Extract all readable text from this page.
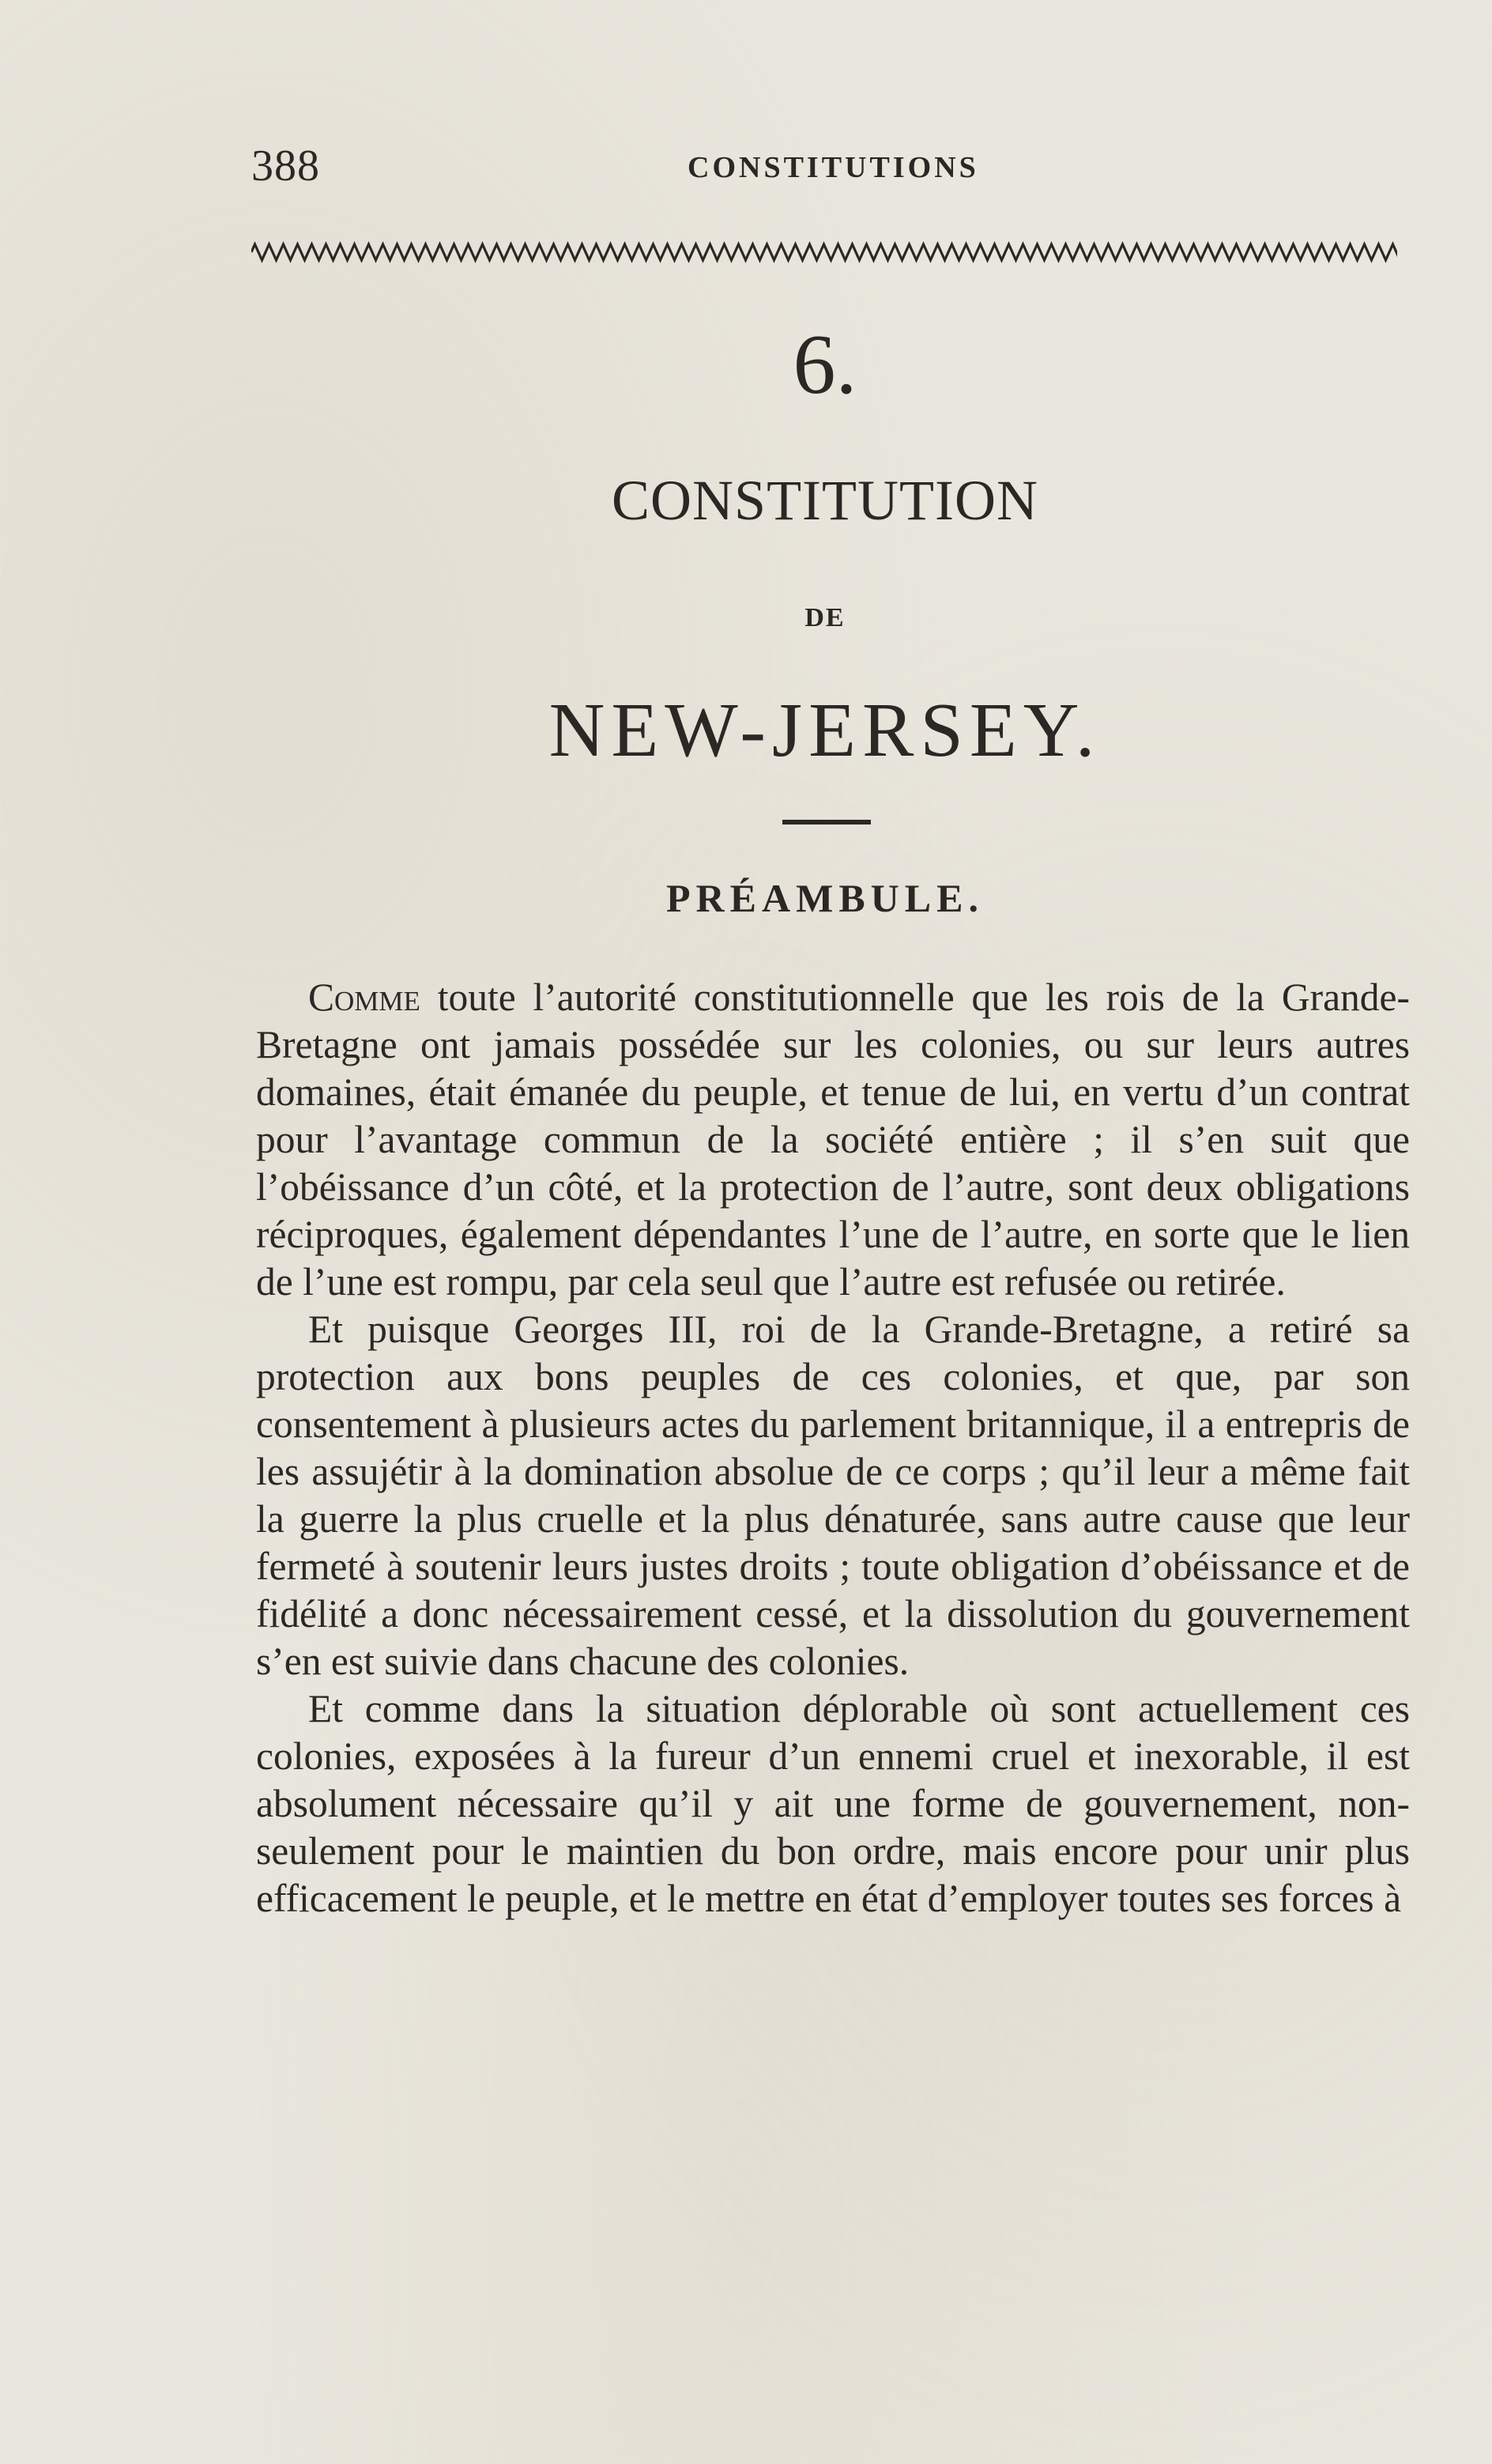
388	CONSTITUTIONS
6.
CONSTITUTION
DE
NEW-JERSEY.
PRÉAMBULE.

Comme toute l’autorité constitutionnelle que les rois de la Grande-Bretagne ont jamais possédée sur les colonies, ou sur leurs autres domaines, était émanée du peuple, et tenue de lui, en vertu d’un contrat pour l’avantage commun de la société entière ; il s’en suit que l’obéissance d’un côté, et la protection de l’autre, sont deux obligations réciproques, également dépendantes l’une de l’autre, en sorte que le lien de l’une est rompu, par cela seul que l’autre est refusée ou retirée.

Et puisque Georges III, roi de la Grande-Bretagne, a retiré sa protection aux bons peuples de ces colonies, et que, par son consentement à plusieurs actes du parlement britannique, il a entrepris de les assujétir à la domination absolue de ce corps ; qu’il leur a même fait la guerre la plus cruelle et la plus dénaturée, sans autre cause que leur fermeté à soutenir leurs justes droits ; toute obligation d’obéissance et de fidélité a donc nécessairement cessé, et la dissolution du gouvernement s’en est suivie dans chacune des colonies.

Et comme dans la situation déplorable où sont actuellement ces colonies, exposées à la fureur d’un ennemi cruel et inexorable, il est absolument nécessaire qu’il y ait une forme de gouvernement, non-seulement pour le maintien du bon ordre, mais encore pour unir plus efficacement le peuple, et le mettre en état d’employer toutes ses forces à
